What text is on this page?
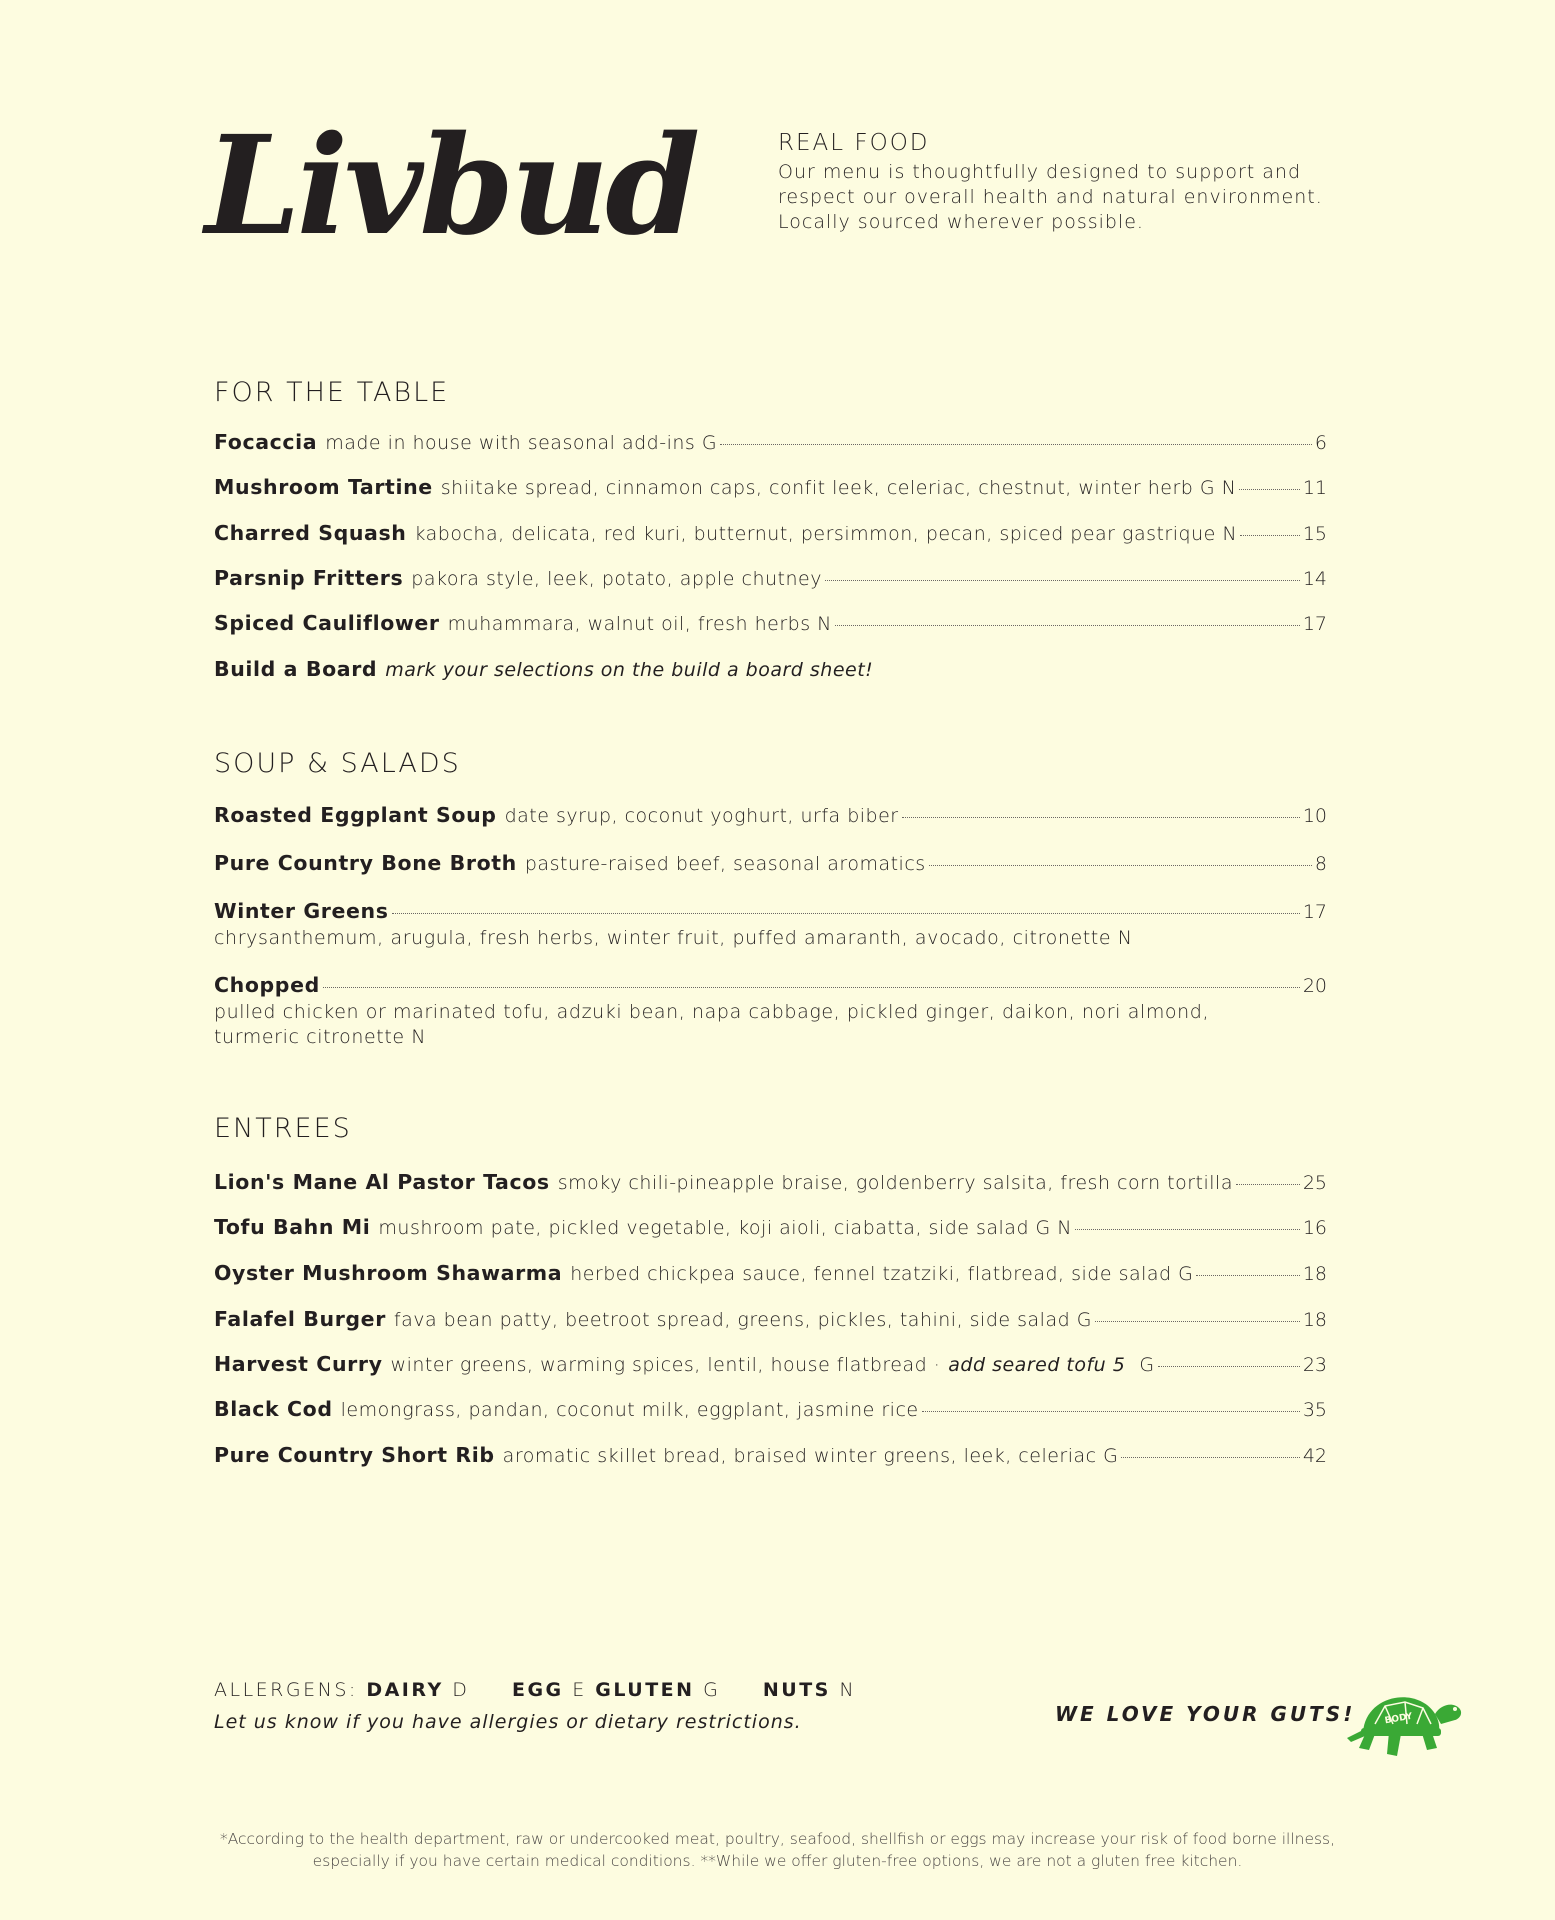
Livbud	REAL FOOD
Our menu is thoughtfully designed to support and
respect our overall health and natural environment.
Locally sourced wherever possible.
FOR THE TABLE
Focaccia made in house with seasonal add-ins G	6
Mushroom Tartine shiitake spread, cinnamon caps, confit leek, celeriac, chestnut, winter herb G N	11
Charred Squash kabocha, delicata, red kuri, butternut, persimmon, pecan, spiced pear gastrique N	15
Parsnip Fritters pakora style, leek, potato, apple chutney	14
Spiced Cauliflower muhammara, walnut oil, fresh herbs N	17
Build a Board mark your selections on the build a board sheet!
SOUP & SALADS
Roasted Eggplant Soup date syrup, coconut yoghurt, urfa biber	10
Pure Country Bone Broth pasture-raised beef, seasonal aromatics	8
Winter Greens	17
chrysanthemum, arugula, fresh herbs, winter fruit, puffed amaranth, avocado, citronette N
Chopped	20
pulled chicken or marinated tofu, adzuki bean, napa cabbage, pickled ginger, daikon, nori almond, turmeric citronette N
ENTREES
Lion's Mane Al Pastor Tacos smoky chili-pineapple braise, goldenberry salsita, fresh corn tortilla	25
Tofu Bahn Mi mushroom pate, pickled vegetable, koji aioli, ciabatta, side salad G N	16
Oyster Mushroom Shawarma herbed chickpea sauce, fennel tzatziki, flatbread, side salad G	18
Falafel Burger fava bean patty, beetroot spread, greens, pickles, tahini, side salad G	18
Harvest Curry winter greens, warming spices, lentil, house flatbread · add seared tofu 5 G	23
Black Cod lemongrass, pandan, coconut milk, eggplant, jasmine rice	35
Pure Country Short Rib aromatic skillet bread, braised winter greens, leek, celeriac G	42
ALLERGENS: DAIRY D EGG E GLUTEN G NUTS N
Let us know if you have allergies or dietary restrictions.	WE LOVE YOUR GUTS!	BODY
*According to the health department, raw or undercooked meat, poultry, seafood, shellfish or eggs may increase your risk of food borne illness,
especially if you have certain medical conditions. **While we offer gluten-free options, we are not a gluten free kitchen.
